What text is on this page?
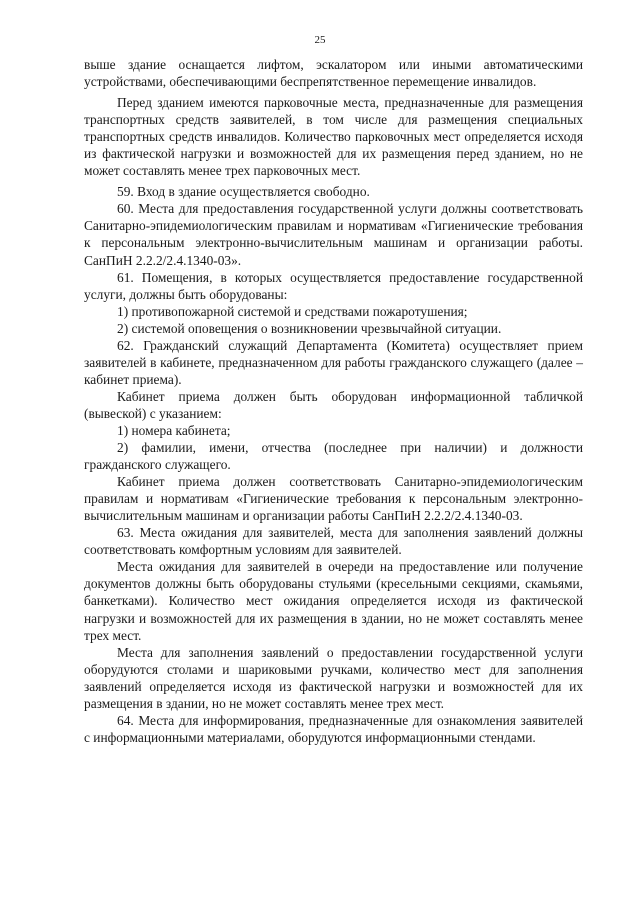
25

выше здание оснащается лифтом, эскалатором или иными автоматическими устройствами, обеспечивающими беспрепятственное перемещение инвалидов.

Перед зданием имеются парковочные места, предназначенные для размещения транспортных средств заявителей, в том числе для размещения специальных транспортных средств инвалидов. Количество парковочных мест определяется исходя из фактической нагрузки и возможностей для их размещения перед зданием, но не может составлять менее трех парковочных мест.

59. Вход в здание осуществляется свободно.

60. Места для предоставления государственной услуги должны соответствовать Санитарно-эпидемиологическим правилам и нормативам «Гигиенические требования к персональным электронно-вычислительным машинам и организации работы. СанПиН 2.2.2/2.4.1340-03».

61. Помещения, в которых осуществляется предоставление государственной услуги, должны быть оборудованы:

1) противопожарной системой и средствами пожаротушения;

2) системой оповещения о возникновении чрезвычайной ситуации.

62. Гражданский служащий Департамента (Комитета) осуществляет прием заявителей в кабинете, предназначенном для работы гражданского служащего (далее – кабинет приема).

Кабинет приема должен быть оборудован информационной табличкой (вывеской) с указанием:

1) номера кабинета;

2) фамилии, имени, отчества (последнее при наличии) и должности гражданского служащего.

Кабинет приема должен соответствовать Санитарно-эпидемиологическим правилам и нормативам «Гигиенические требования к персональным электронно-вычислительным машинам и организации работы СанПиН 2.2.2/2.4.1340-03.

63. Места ожидания для заявителей, места для заполнения заявлений должны соответствовать комфортным условиям для заявителей.

Места ожидания для заявителей в очереди на предоставление или получение документов должны быть оборудованы стульями (кресельными секциями, скамьями, банкетками). Количество мест ожидания определяется исходя из фактической нагрузки и возможностей для их размещения в здании, но не может составлять менее трех мест.

Места для заполнения заявлений о предоставлении государственной услуги оборудуются столами и шариковыми ручками, количество мест для заполнения заявлений определяется исходя из фактической нагрузки и возможностей для их размещения в здании, но не может составлять менее трех мест.

64. Места для информирования, предназначенные для ознакомления заявителей с информационными материалами, оборудуются информационными стендами.
